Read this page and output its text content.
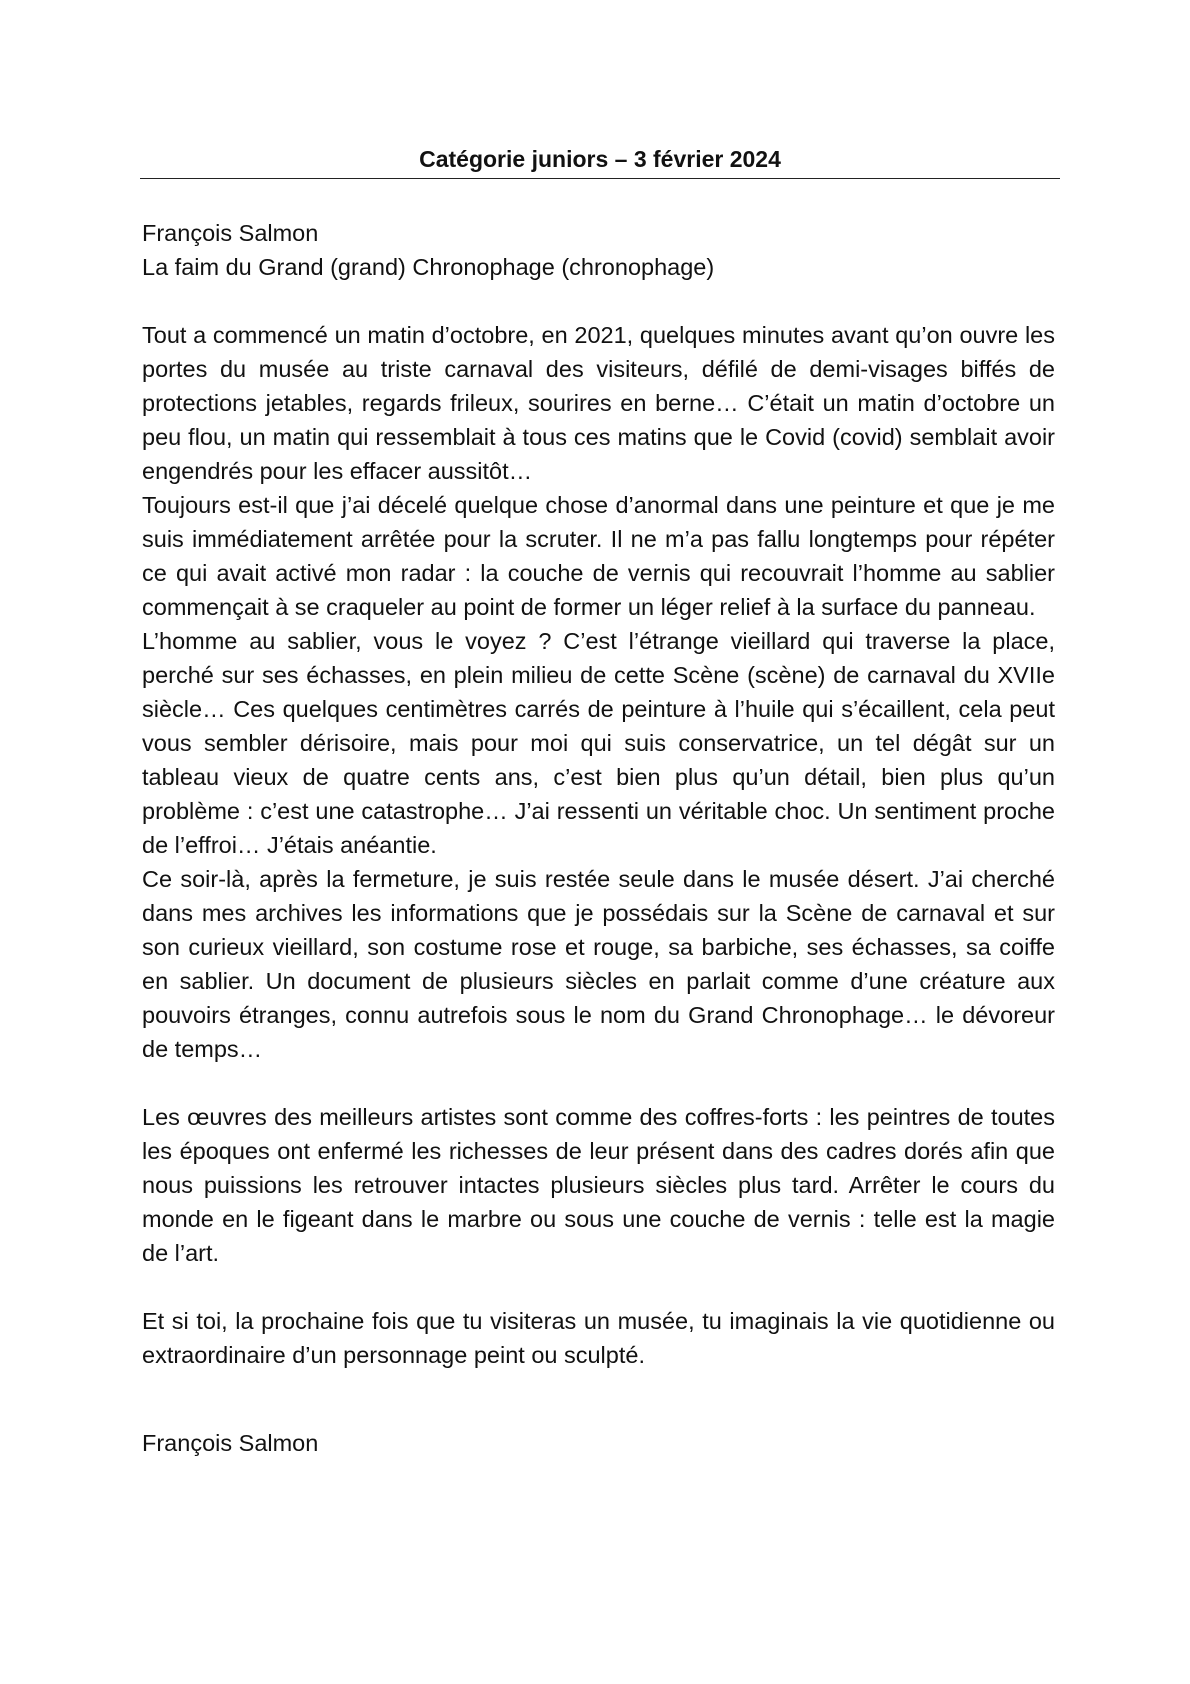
Catégorie juniors – 3 février 2024
François Salmon
La faim du Grand (grand) Chronophage (chronophage)

Tout a commencé un matin d’octobre, en 2021, quelques minutes avant qu’on ouvre les portes du musée au triste carnaval des visiteurs, défilé de demi-visages biffés de protections jetables, regards frileux, sourires en berne… C’était un matin d’octobre un peu flou, un matin qui ressemblait à tous ces matins que le Covid (covid) semblait avoir engendrés pour les effacer aussitôt…

Toujours est-il que j’ai décelé quelque chose d’anormal dans une peinture et que je me suis immédiatement arrêtée pour la scruter. Il ne m’a pas fallu longtemps pour répéter ce qui avait activé mon radar : la couche de vernis qui recouvrait l’homme au sablier commençait à se craqueler au point de former un léger relief à la surface du panneau.

L’homme au sablier, vous le voyez ? C’est l’étrange vieillard qui traverse la place, perché sur ses échasses, en plein milieu de cette Scène (scène) de carnaval du XVIIe siècle… Ces quelques centimètres carrés de peinture à l’huile qui s’écaillent, cela peut vous sembler dérisoire, mais pour moi qui suis conservatrice, un tel dégât sur un tableau vieux de quatre cents ans, c’est bien plus qu’un détail, bien plus qu’un problème : c’est une catastrophe… J’ai ressenti un véritable choc. Un sentiment proche de l’effroi… J’étais anéantie.

Ce soir-là, après la fermeture, je suis restée seule dans le musée désert. J’ai cherché dans mes archives les informations que je possédais sur la Scène de carnaval et sur son curieux vieillard, son costume rose et rouge, sa barbiche, ses échasses, sa coiffe en sablier. Un document de plusieurs siècles en parlait comme d’une créature aux pouvoirs étranges, connu autrefois sous le nom du Grand Chronophage… le dévoreur de temps…

Les œuvres des meilleurs artistes sont comme des coffres-forts : les peintres de toutes les époques ont enfermé les richesses de leur présent dans des cadres dorés afin que nous puissions les retrouver intactes plusieurs siècles plus tard. Arrêter le cours du monde en le figeant dans le marbre ou sous une couche de vernis : telle est la magie de l’art.

Et si toi, la prochaine fois que tu visiteras un musée, tu imaginais la vie quotidienne ou extraordinaire d’un personnage peint ou sculpté.

François Salmon
